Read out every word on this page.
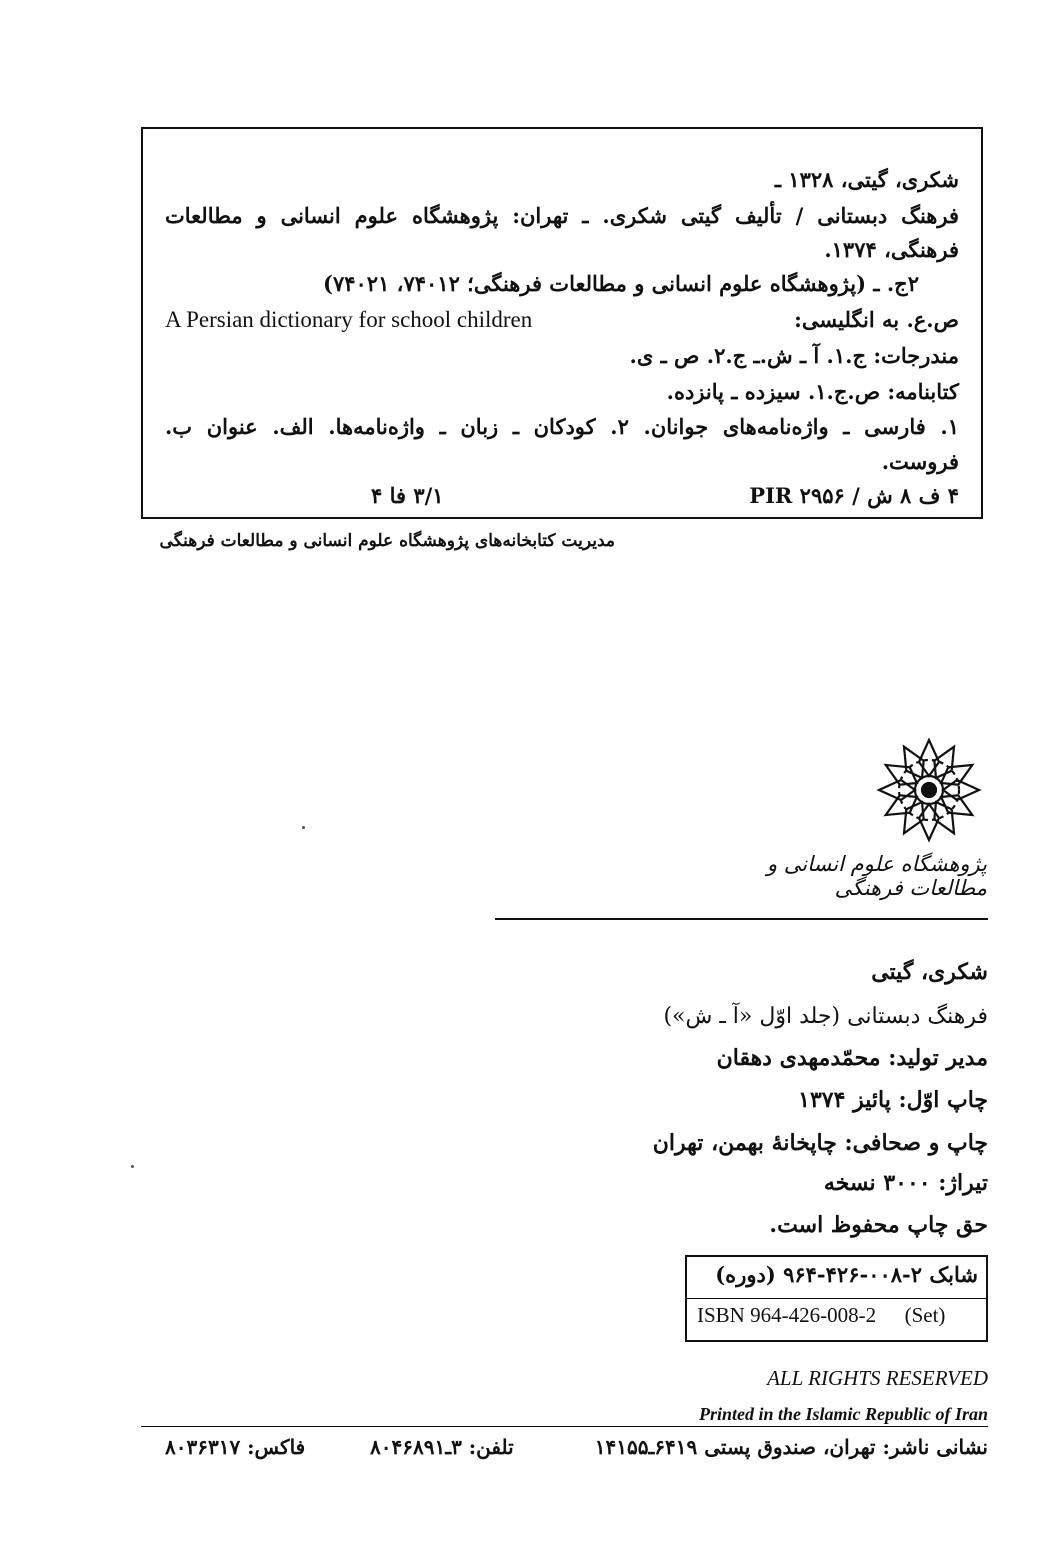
شکری، گیتی، ۱۳۲۸ ـ
فرهنگ دبستانی / تألیف گیتی شکری. ـ تهران: پژوهشگاه علوم انسانی و مطالعات
فرهنگی، ۱۳۷۴.
۲ج. ـ (پژوهشگاه علوم انسانی و مطالعات فرهنگی؛ ۷۴۰۱۲، ۷۴۰۲۱)
ص.ع. به انگلیسی:
A Persian dictionary for school children
مندرجات: ج.۱. آ ـ ش.ـ ج.۲. ص ـ ی.
کتابنامه: ص.ج.۱. سیزده ـ پانزده.
۱. فارسی ـ واژه‌نامه‌های جوانان. ۲. کودکان ـ زبان ـ واژه‌نامه‌ها. الف. عنوان ب.
فروست.
۴ ف ۸ ش / PIR ۲۹۵۶
۳/۱ فا ۴
مدیریت کتابخانه‌های پژوهشگاه علوم انسانی و مطالعات فرهنگی
پژوهشگاه علوم انسانی و مطالعات فرهنگی
شکری، گیتی
فرهنگ دبستانی (جلد اوّل «آ ـ ش»)
مدیر تولید: محمّدمهدی دهقان
چاپ اوّل: پائیز ۱۳۷۴
چاپ و صحافی: چاپخانهٔ بهمن، تهران
تیراژ: ۳۰۰۰ نسخه
حق چاپ محفوظ است.
شابک ۲-۰۰۸-۴۲۶-۹۶۴ (دوره)
ISBN 964-426-008-2 (Set)
ALL RIGHTS RESERVED
Printed in the Islamic Republic of Iran
نشانی ناشر: تهران، صندوق پستی ۶۴۱۹ـ۱۴۱۵۵
تلفن: ۳ـ۸۰۴۶۸۹۱
فاکس: ۸۰۳۶۳۱۷
